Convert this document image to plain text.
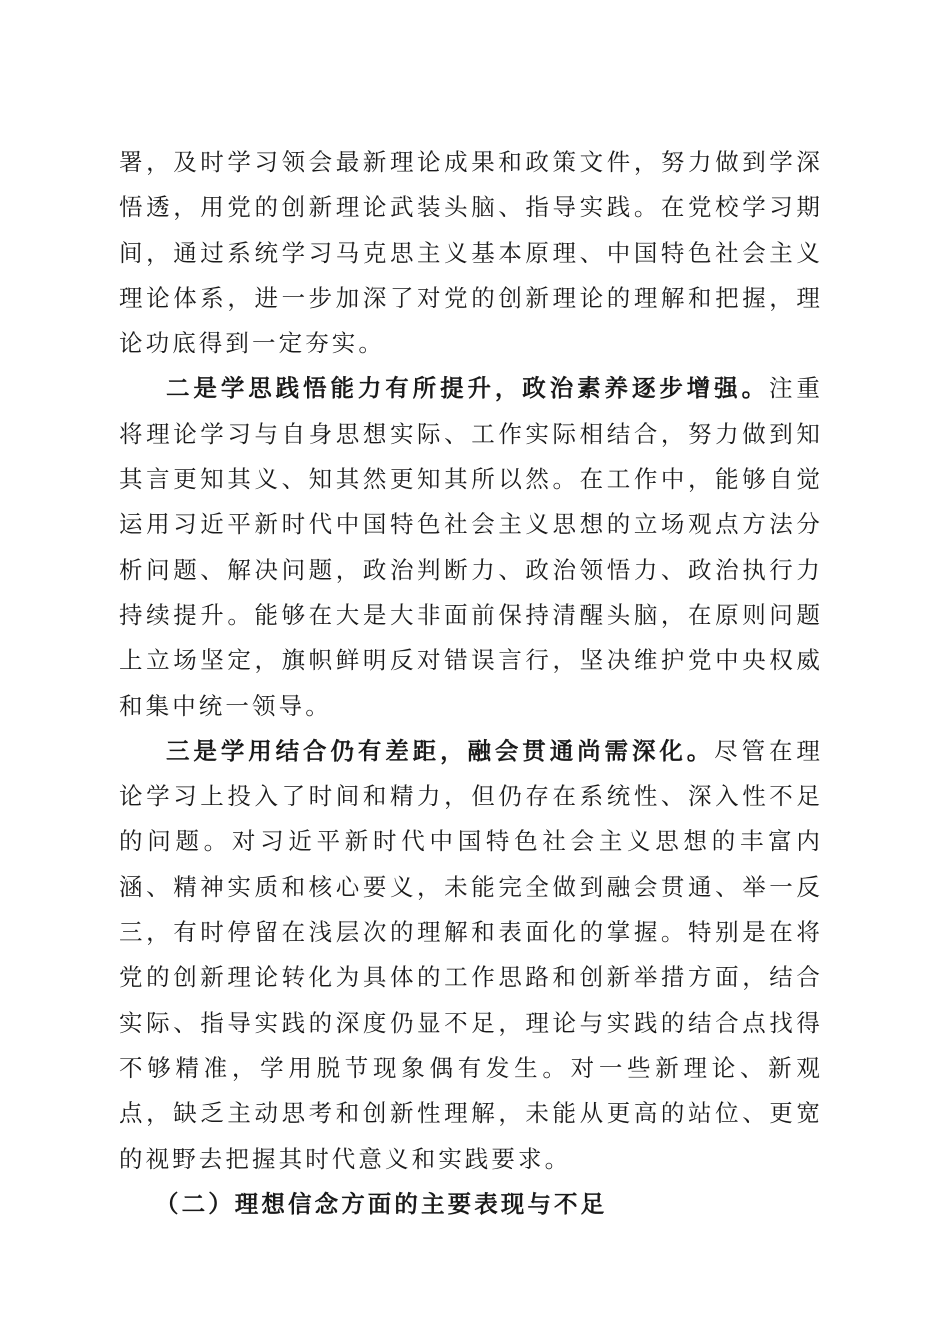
署，及时学习领会最新理论成果和政策文件，努力做到学深悟透，用党的创新理论武装头脑、指导实践。在党校学习期间，通过系统学习马克思主义基本原理、中国特色社会主义理论体系，进一步加深了对党的创新理论的理解和把握，理论功底得到一定夯实。

二是学思践悟能力有所提升，政治素养逐步增强。注重将理论学习与自身思想实际、工作实际相结合，努力做到知其言更知其义、知其然更知其所以然。在工作中，能够自觉运用习近平新时代中国特色社会主义思想的立场观点方法分析问题、解决问题，政治判断力、政治领悟力、政治执行力持续提升。能够在大是大非面前保持清醒头脑，在原则问题上立场坚定，旗帜鲜明反对错误言行，坚决维护党中央权威和集中统一领导。

三是学用结合仍有差距，融会贯通尚需深化。尽管在理论学习上投入了时间和精力，但仍存在系统性、深入性不足的问题。对习近平新时代中国特色社会主义思想的丰富内涵、精神实质和核心要义，未能完全做到融会贯通、举一反三，有时停留在浅层次的理解和表面化的掌握。特别是在将党的创新理论转化为具体的工作思路和创新举措方面，结合实际、指导实践的深度仍显不足，理论与实践的结合点找得不够精准，学用脱节现象偶有发生。对一些新理论、新观点，缺乏主动思考和创新性理解，未能从更高的站位、更宽的视野去把握其时代意义和实践要求。

（二）理想信念方面的主要表现与不足
